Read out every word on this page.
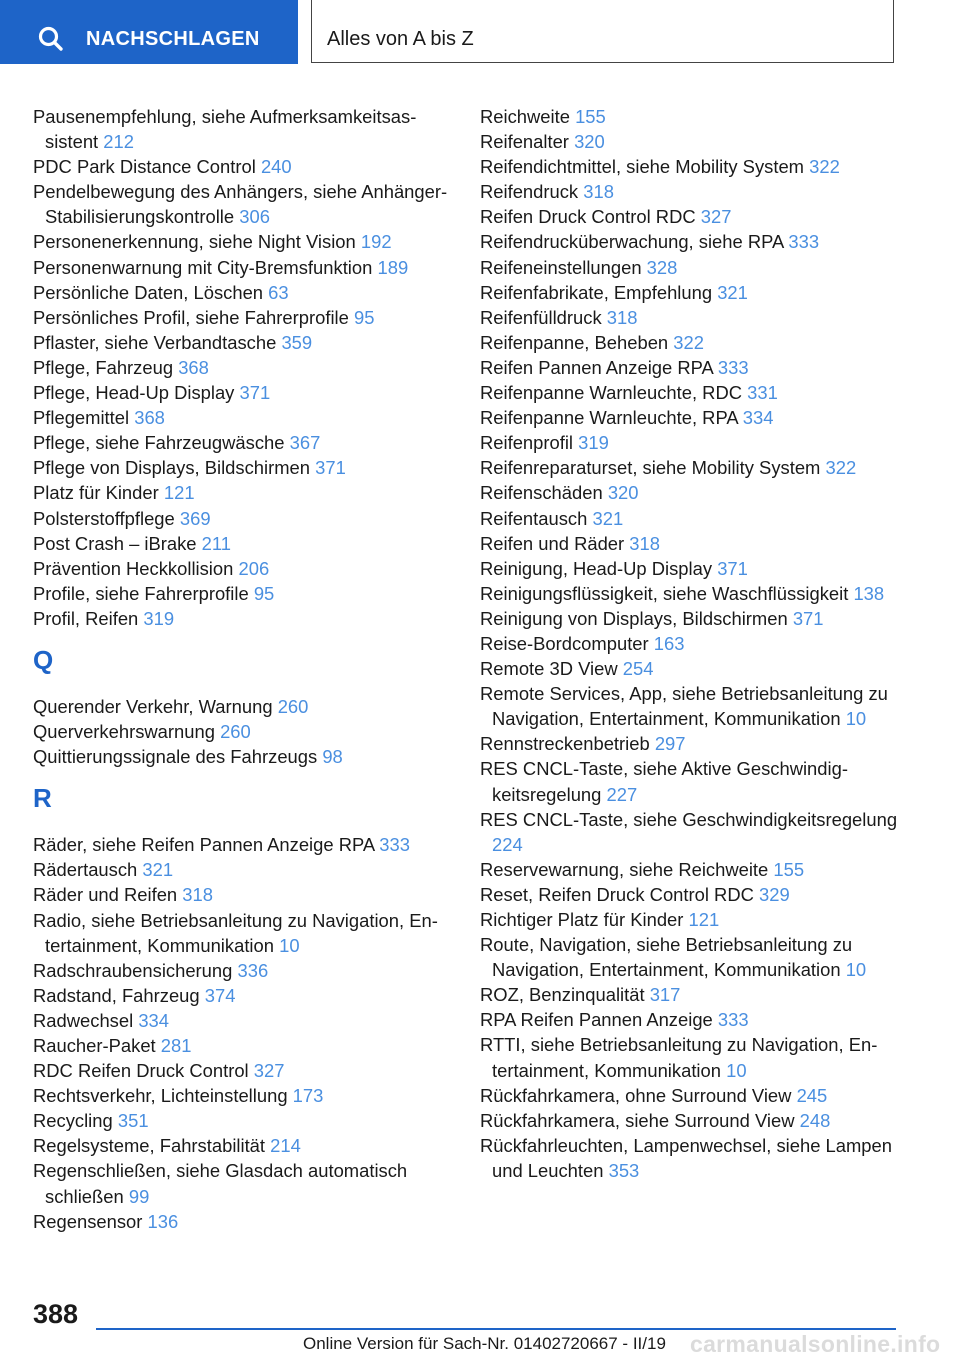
NACHSCHLAGEN	Alles von A bis Z
Pausenempfehlung, siehe Aufmerksamkeitsassistent 212
PDC Park Distance Control 240
Pendelbewegung des Anhängers, siehe Anhänger-Stabilisierungskontrolle 306
Personenerkennung, siehe Night Vision 192
Personenwarnung mit City-Bremsfunktion 189
Persönliche Daten, Löschen 63
Persönliches Profil, siehe Fahrerprofile 95
Pflaster, siehe Verbandtasche 359
Pflege, Fahrzeug 368
Pflege, Head-Up Display 371
Pflegemittel 368
Pflege, siehe Fahrzeugwäsche 367
Pflege von Displays, Bildschirmen 371
Platz für Kinder 121
Polsterstoffpflege 369
Post Crash – iBrake 211
Prävention Heckkollision 206
Profile, siehe Fahrerprofile 95
Profil, Reifen 319
Q
Querender Verkehr, Warnung 260
Querverkehrswarnung 260
Quittierungssignale des Fahrzeugs 98
R
Räder, siehe Reifen Pannen Anzeige RPA 333
Rädertausch 321
Räder und Reifen 318
Radio, siehe Betriebsanleitung zu Navigation, Entertainment, Kommunikation 10
Radschraubensicherung 336
Radstand, Fahrzeug 374
Radwechsel 334
Raucher-Paket 281
RDC Reifen Druck Control 327
Rechtsverkehr, Lichteinstellung 173
Recycling 351
Regelsysteme, Fahrstabilität 214
Regenschließen, siehe Glasdach automatisch schließen 99
Regensensor 136
Reichweite 155
Reifenalter 320
Reifendichtmittel, siehe Mobility System 322
Reifendruck 318
Reifen Druck Control RDC 327
Reifendrucküberwachung, siehe RPA 333
Reifeneinstellungen 328
Reifenfabrikate, Empfehlung 321
Reifenfülldruck 318
Reifenpanne, Beheben 322
Reifen Pannen Anzeige RPA 333
Reifenpanne Warnleuchte, RDC 331
Reifenpanne Warnleuchte, RPA 334
Reifenprofil 319
Reifenreparaturset, siehe Mobility System 322
Reifenschäden 320
Reifentausch 321
Reifen und Räder 318
Reinigung, Head-Up Display 371
Reinigungsflüssigkeit, siehe Waschflüssigkeit 138
Reinigung von Displays, Bildschirmen 371
Reise-Bordcomputer 163
Remote 3D View 254
Remote Services, App, siehe Betriebsanleitung zu Navigation, Entertainment, Kommunikation 10
Rennstreckenbetrieb 297
RES CNCL-Taste, siehe Aktive Geschwindigkeitsregelung 227
RES CNCL-Taste, siehe Geschwindigkeitsregelung 224
Reservewarnung, siehe Reichweite 155
Reset, Reifen Druck Control RDC 329
Richtiger Platz für Kinder 121
Route, Navigation, siehe Betriebsanleitung zu Navigation, Entertainment, Kommunikation 10
ROZ, Benzinqualität 317
RPA Reifen Pannen Anzeige 333
RTTI, siehe Betriebsanleitung zu Navigation, Entertainment, Kommunikation 10
Rückfahrkamera, ohne Surround View 245
Rückfahrkamera, siehe Surround View 248
Rückfahrleuchten, Lampenwechsel, siehe Lampen und Leuchten 353
388
Online Version für Sach-Nr. 01402720667 - II/19 carmanualsonline.info
